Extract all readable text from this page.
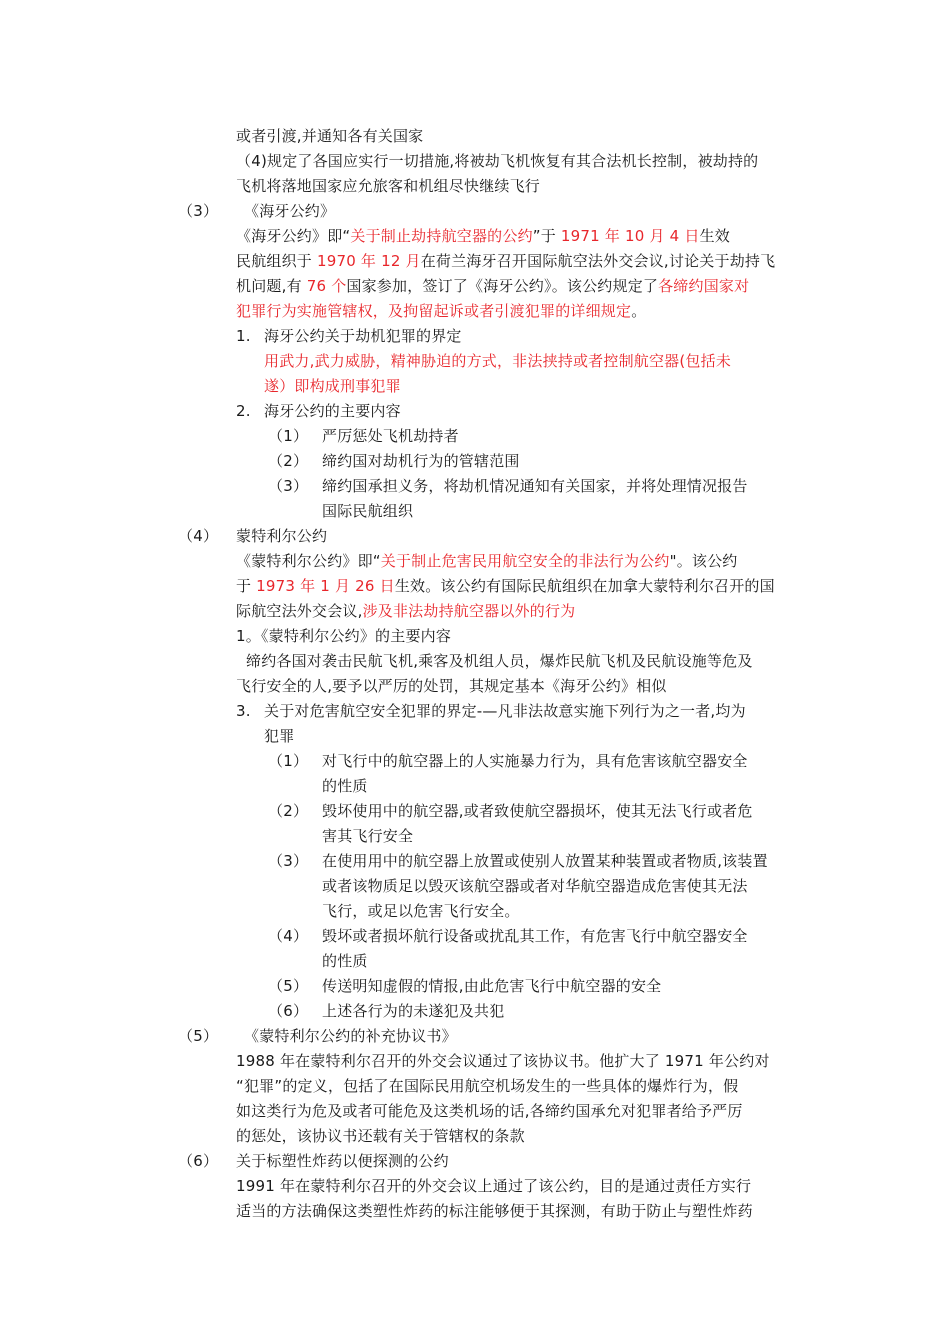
或者引渡,并通知各有关国家
（4)规定了各国应实行一切措施,将被劫飞机恢复有其合法机长控制，被劫持的
飞机将落地国家应允旅客和机组尽快继续飞行
（3） 《海牙公约》
《海牙公约》即“关于制止劫持航空器的公约”于 1971 年 10 月 4 日生效
民航组织于 1970 年 12 月在荷兰海牙召开国际航空法外交会议,讨论关于劫持飞
机问题,有 76 个国家参加，签订了《海牙公约》。该公约规定了各缔约国家对
犯罪行为实施管辖权，及拘留起诉或者引渡犯罪的详细规定。
1. 海牙公约关于劫机犯罪的界定
用武力,武力威胁，精神胁迫的方式，非法挟持或者控制航空器(包括未
遂）即构成刑事犯罪
2. 海牙公约的主要内容
（1） 严厉惩处飞机劫持者
（2） 缔约国对劫机行为的管辖范围
（3） 缔约国承担义务，将劫机情况通知有关国家，并将处理情况报告
国际民航组织
（4） 蒙特利尔公约
《蒙特利尔公约》即“关于制止危害民用航空安全的非法行为公约"。该公约
于 1973 年 1 月 26 日生效。该公约有国际民航组织在加拿大蒙特利尔召开的国
际航空法外交会议,涉及非法劫持航空器以外的行为
1。《蒙特利尔公约》的主要内容
缔约各国对袭击民航飞机,乘客及机组人员，爆炸民航飞机及民航设施等危及
飞行安全的人,要予以严厉的处罚，其规定基本《海牙公约》相似
3. 关于对危害航空安全犯罪的界定-—凡非法故意实施下列行为之一者,均为
犯罪
（1） 对飞行中的航空器上的人实施暴力行为，具有危害该航空器安全
的性质
（2） 毁坏使用中的航空器,或者致使航空器损坏，使其无法飞行或者危
害其飞行安全
（3） 在使用用中的航空器上放置或使别人放置某种装置或者物质,该装置
或者该物质足以毁灭该航空器或者对华航空器造成危害使其无法
飞行，或足以危害飞行安全。
（4） 毁坏或者损坏航行设备或扰乱其工作，有危害飞行中航空器安全
的性质
（5） 传送明知虚假的情报,由此危害飞行中航空器的安全
（6） 上述各行为的未遂犯及共犯
（5） 《蒙特利尔公约的补充协议书》
1988 年在蒙特利尔召开的外交会议通过了该协议书。他扩大了 1971 年公约对
“犯罪”的定义，包括了在国际民用航空机场发生的一些具体的爆炸行为，假
如这类行为危及或者可能危及这类机场的话,各缔约国承允对犯罪者给予严厉
的惩处，该协议书还载有关于管辖权的条款
（6） 关于标塑性炸药以便探测的公约
1991 年在蒙特利尔召开的外交会议上通过了该公约，目的是通过责任方实行
适当的方法确保这类塑性炸药的标注能够便于其探测，有助于防止与塑性炸药
